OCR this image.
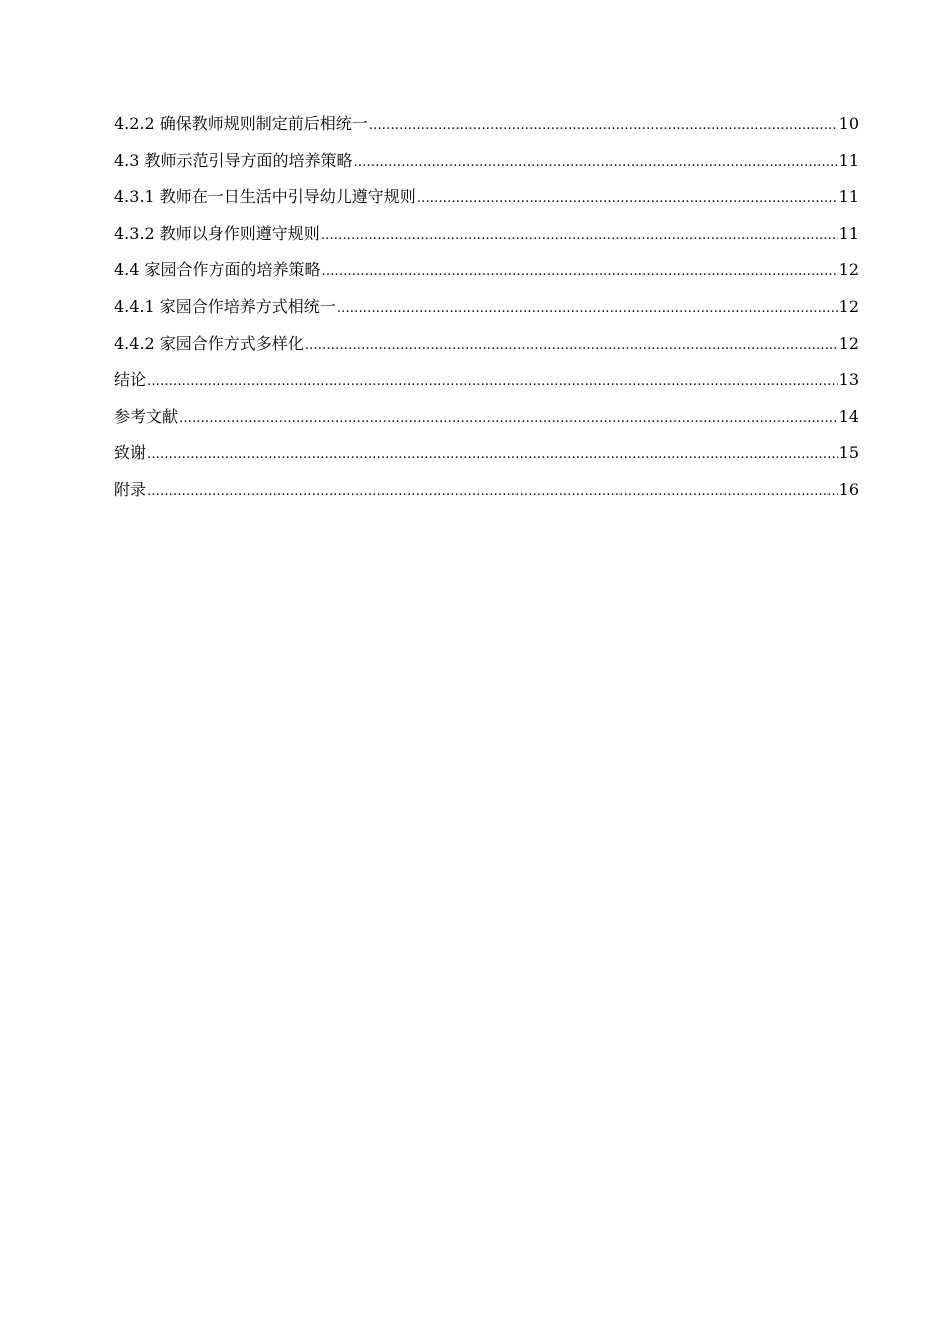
4.2.2 确保教师规则制定前后相统一 .....	10
4.3 教师示范引导方面的培养策略 .....	11
4.3.1 教师在一日生活中引导幼儿遵守规则 .....	11
4.3.2 教师以身作则遵守规则 .....	11
4.4 家园合作方面的培养策略 .....	12
4.4.1 家园合作培养方式相统一 .....	12
4.4.2 家园合作方式多样化 .....	12
结论 .....	13
参考文献 .....	14
致谢 .....	15
附录 .....	16
